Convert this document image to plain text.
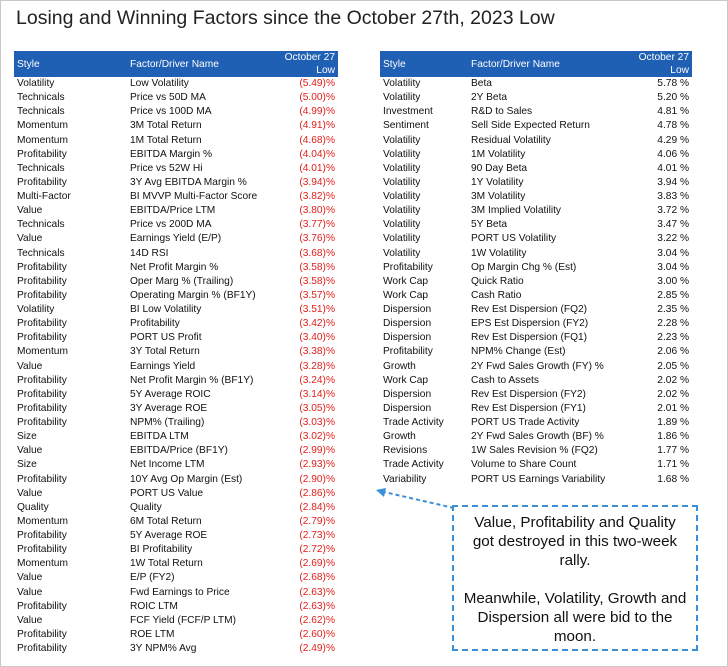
Losing and Winning Factors since the October 27th, 2023 Low
Style	Factor/Driver Name	October 27 Low
Volatility	Low Volatility	(5.49)%
Technicals	Price vs 50D MA	(5.00)%
Technicals	Price vs 100D MA	(4.99)%
Momentum	3M Total Return	(4.91)%
Momentum	1M Total Return	(4.68)%
Profitability	EBITDA Margin %	(4.04)%
Technicals	Price vs 52W Hi	(4.01)%
Profitability	3Y Avg EBITDA Margin %	(3.94)%
Multi-Factor	BI MVVP Multi-Factor Score	(3.82)%
Value	EBITDA/Price LTM	(3.80)%
Technicals	Price vs 200D MA	(3.77)%
Value	Earnings Yield (E/P)	(3.76)%
Technicals	14D RSI	(3.68)%
Profitability	Net Profit Margin %	(3.58)%
Profitability	Oper Marg % (Trailing)	(3.58)%
Profitability	Operating Margin % (BF1Y)	(3.57)%
Volatility	BI Low Volatility	(3.51)%
Profitability	Profitability	(3.42)%
Profitability	PORT US Profit	(3.40)%
Momentum	3Y Total Return	(3.38)%
Value	Earnings Yield	(3.28)%
Profitability	Net Profit Margin % (BF1Y)	(3.24)%
Profitability	5Y Average ROIC	(3.14)%
Profitability	3Y Average ROE	(3.05)%
Profitability	NPM% (Trailing)	(3.03)%
Size	EBITDA LTM	(3.02)%
Value	EBITDA/Price (BF1Y)	(2.99)%
Size	Net Income LTM	(2.93)%
Profitability	10Y Avg Op Margin (Est)	(2.90)%
Value	PORT US Value	(2.86)%
Quality	Quality	(2.84)%
Momentum	6M Total Return	(2.79)%
Profitability	5Y Average ROE	(2.73)%
Profitability	BI Profitability	(2.72)%
Momentum	1W Total Return	(2.69)%
Value	E/P (FY2)	(2.68)%
Value	Fwd Earnings to Price	(2.63)%
Profitability	ROIC LTM	(2.63)%
Value	FCF Yield (FCF/P LTM)	(2.62)%
Profitability	ROE LTM	(2.60)%
Profitability	3Y NPM% Avg	(2.49)%
Style	Factor/Driver Name	October 27 Low
Volatility	Beta	5.78 %
Volatility	2Y Beta	5.20 %
Investment	R&D to Sales	4.81 %
Sentiment	Sell Side Expected Return	4.78 %
Volatility	Residual Volatility	4.29 %
Volatility	1M Volatility	4.06 %
Volatility	90 Day Beta	4.01 %
Volatility	1Y Volatility	3.94 %
Volatility	3M Volatility	3.83 %
Volatility	3M Implied Volatility	3.72 %
Volatility	5Y Beta	3.47 %
Volatility	PORT US Volatility	3.22 %
Volatility	1W Volatility	3.04 %
Profitability	Op Margin Chg % (Est)	3.04 %
Work Cap	Quick Ratio	3.00 %
Work Cap	Cash Ratio	2.85 %
Dispersion	Rev Est Dispersion (FQ2)	2.35 %
Dispersion	EPS Est Dispersion (FY2)	2.28 %
Dispersion	Rev Est Dispersion (FQ1)	2.23 %
Profitability	NPM% Change (Est)	2.06 %
Growth	2Y Fwd Sales Growth (FY) %	2.05 %
Work Cap	Cash to Assets	2.02 %
Dispersion	Rev Est Dispersion (FY2)	2.02 %
Dispersion	Rev Est Dispersion (FY1)	2.01 %
Trade Activity	PORT US Trade Activity	1.89 %
Growth	2Y Fwd Sales Growth (BF) %	1.86 %
Revisions	1W Sales Revision % (FQ2)	1.77 %
Trade Activity	Volume to Share Count	1.71 %
Variability	PORT US Earnings Variability	1.68 %

Value, Profitability and Quality got destroyed in this two-week rally.

Meanwhile, Volatility, Growth and Dispersion all were bid to the moon.
